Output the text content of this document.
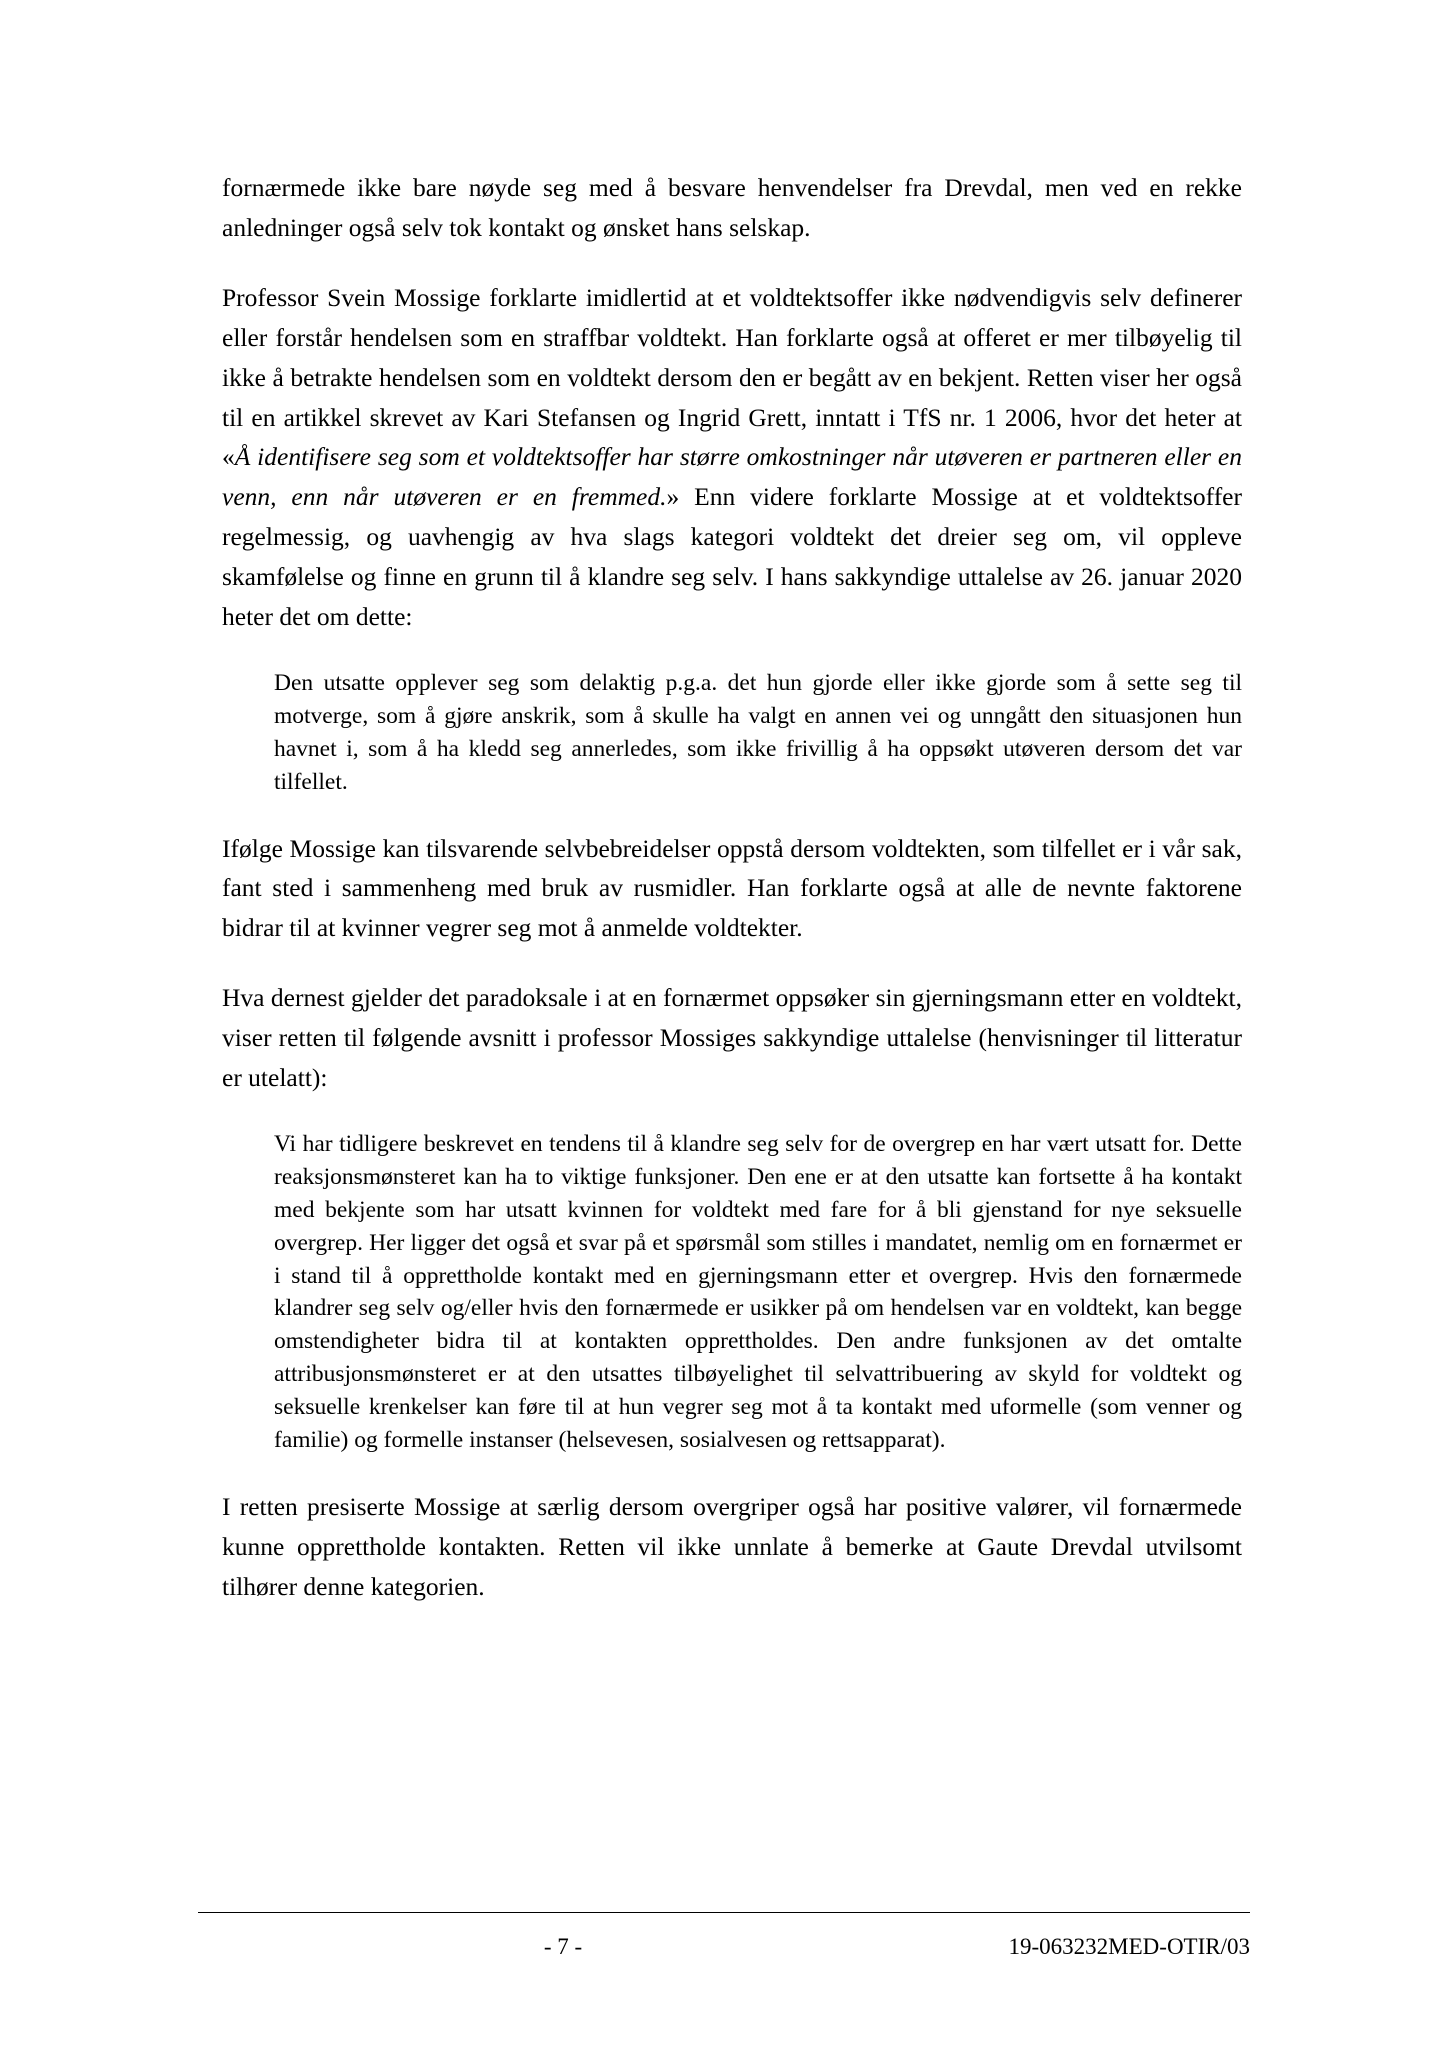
fornærmede ikke bare nøyde seg med å besvare henvendelser fra Drevdal, men ved en rekke anledninger også selv tok kontakt og ønsket hans selskap.

Professor Svein Mossige forklarte imidlertid at et voldtektsoffer ikke nødvendigvis selv definerer eller forstår hendelsen som en straffbar voldtekt. Han forklarte også at offeret er mer tilbøyelig til ikke å betrakte hendelsen som en voldtekt dersom den er begått av en bekjent. Retten viser her også til en artikkel skrevet av Kari Stefansen og Ingrid Grett, inntatt i TfS nr. 1 2006, hvor det heter at «Å identifisere seg som et voldtektsoffer har større omkostninger når utøveren er partneren eller en venn, enn når utøveren er en fremmed.» Enn videre forklarte Mossige at et voldtektsoffer regelmessig, og uavhengig av hva slags kategori voldtekt det dreier seg om, vil oppleve skamfølelse og finne en grunn til å klandre seg selv. I hans sakkyndige uttalelse av 26. januar 2020 heter det om dette:

Den utsatte opplever seg som delaktig p.g.a. det hun gjorde eller ikke gjorde som å sette seg til motverge, som å gjøre anskrik, som å skulle ha valgt en annen vei og unngått den situasjonen hun havnet i, som å ha kledd seg annerledes, som ikke frivillig å ha oppsøkt utøveren dersom det var tilfellet.

Ifølge Mossige kan tilsvarende selvbebreidelser oppstå dersom voldtekten, som tilfellet er i vår sak, fant sted i sammenheng med bruk av rusmidler. Han forklarte også at alle de nevnte faktorene bidrar til at kvinner vegrer seg mot å anmelde voldtekter.

Hva dernest gjelder det paradoksale i at en fornærmet oppsøker sin gjerningsmann etter en voldtekt, viser retten til følgende avsnitt i professor Mossiges sakkyndige uttalelse (henvisninger til litteratur er utelatt):

Vi har tidligere beskrevet en tendens til å klandre seg selv for de overgrep en har vært utsatt for. Dette reaksjonsmønsteret kan ha to viktige funksjoner. Den ene er at den utsatte kan fortsette å ha kontakt med bekjente som har utsatt kvinnen for voldtekt med fare for å bli gjenstand for nye seksuelle overgrep. Her ligger det også et svar på et spørsmål som stilles i mandatet, nemlig om en fornærmet er i stand til å opprettholde kontakt med en gjerningsmann etter et overgrep. Hvis den fornærmede klandrer seg selv og/eller hvis den fornærmede er usikker på om hendelsen var en voldtekt, kan begge omstendigheter bidra til at kontakten opprettholdes. Den andre funksjonen av det omtalte attribusjonsmønsteret er at den utsattes tilbøyelighet til selvattribuering av skyld for voldtekt og seksuelle krenkelser kan føre til at hun vegrer seg mot å ta kontakt med uformelle (som venner og familie) og formelle instanser (helsevesen, sosialvesen og rettsapparat).

I retten presiserte Mossige at særlig dersom overgriper også har positive valører, vil fornærmede kunne opprettholde kontakten. Retten vil ikke unnlate å bemerke at Gaute Drevdal utvilsomt tilhører denne kategorien.

- 7 -	19-063232MED-OTIR/03
